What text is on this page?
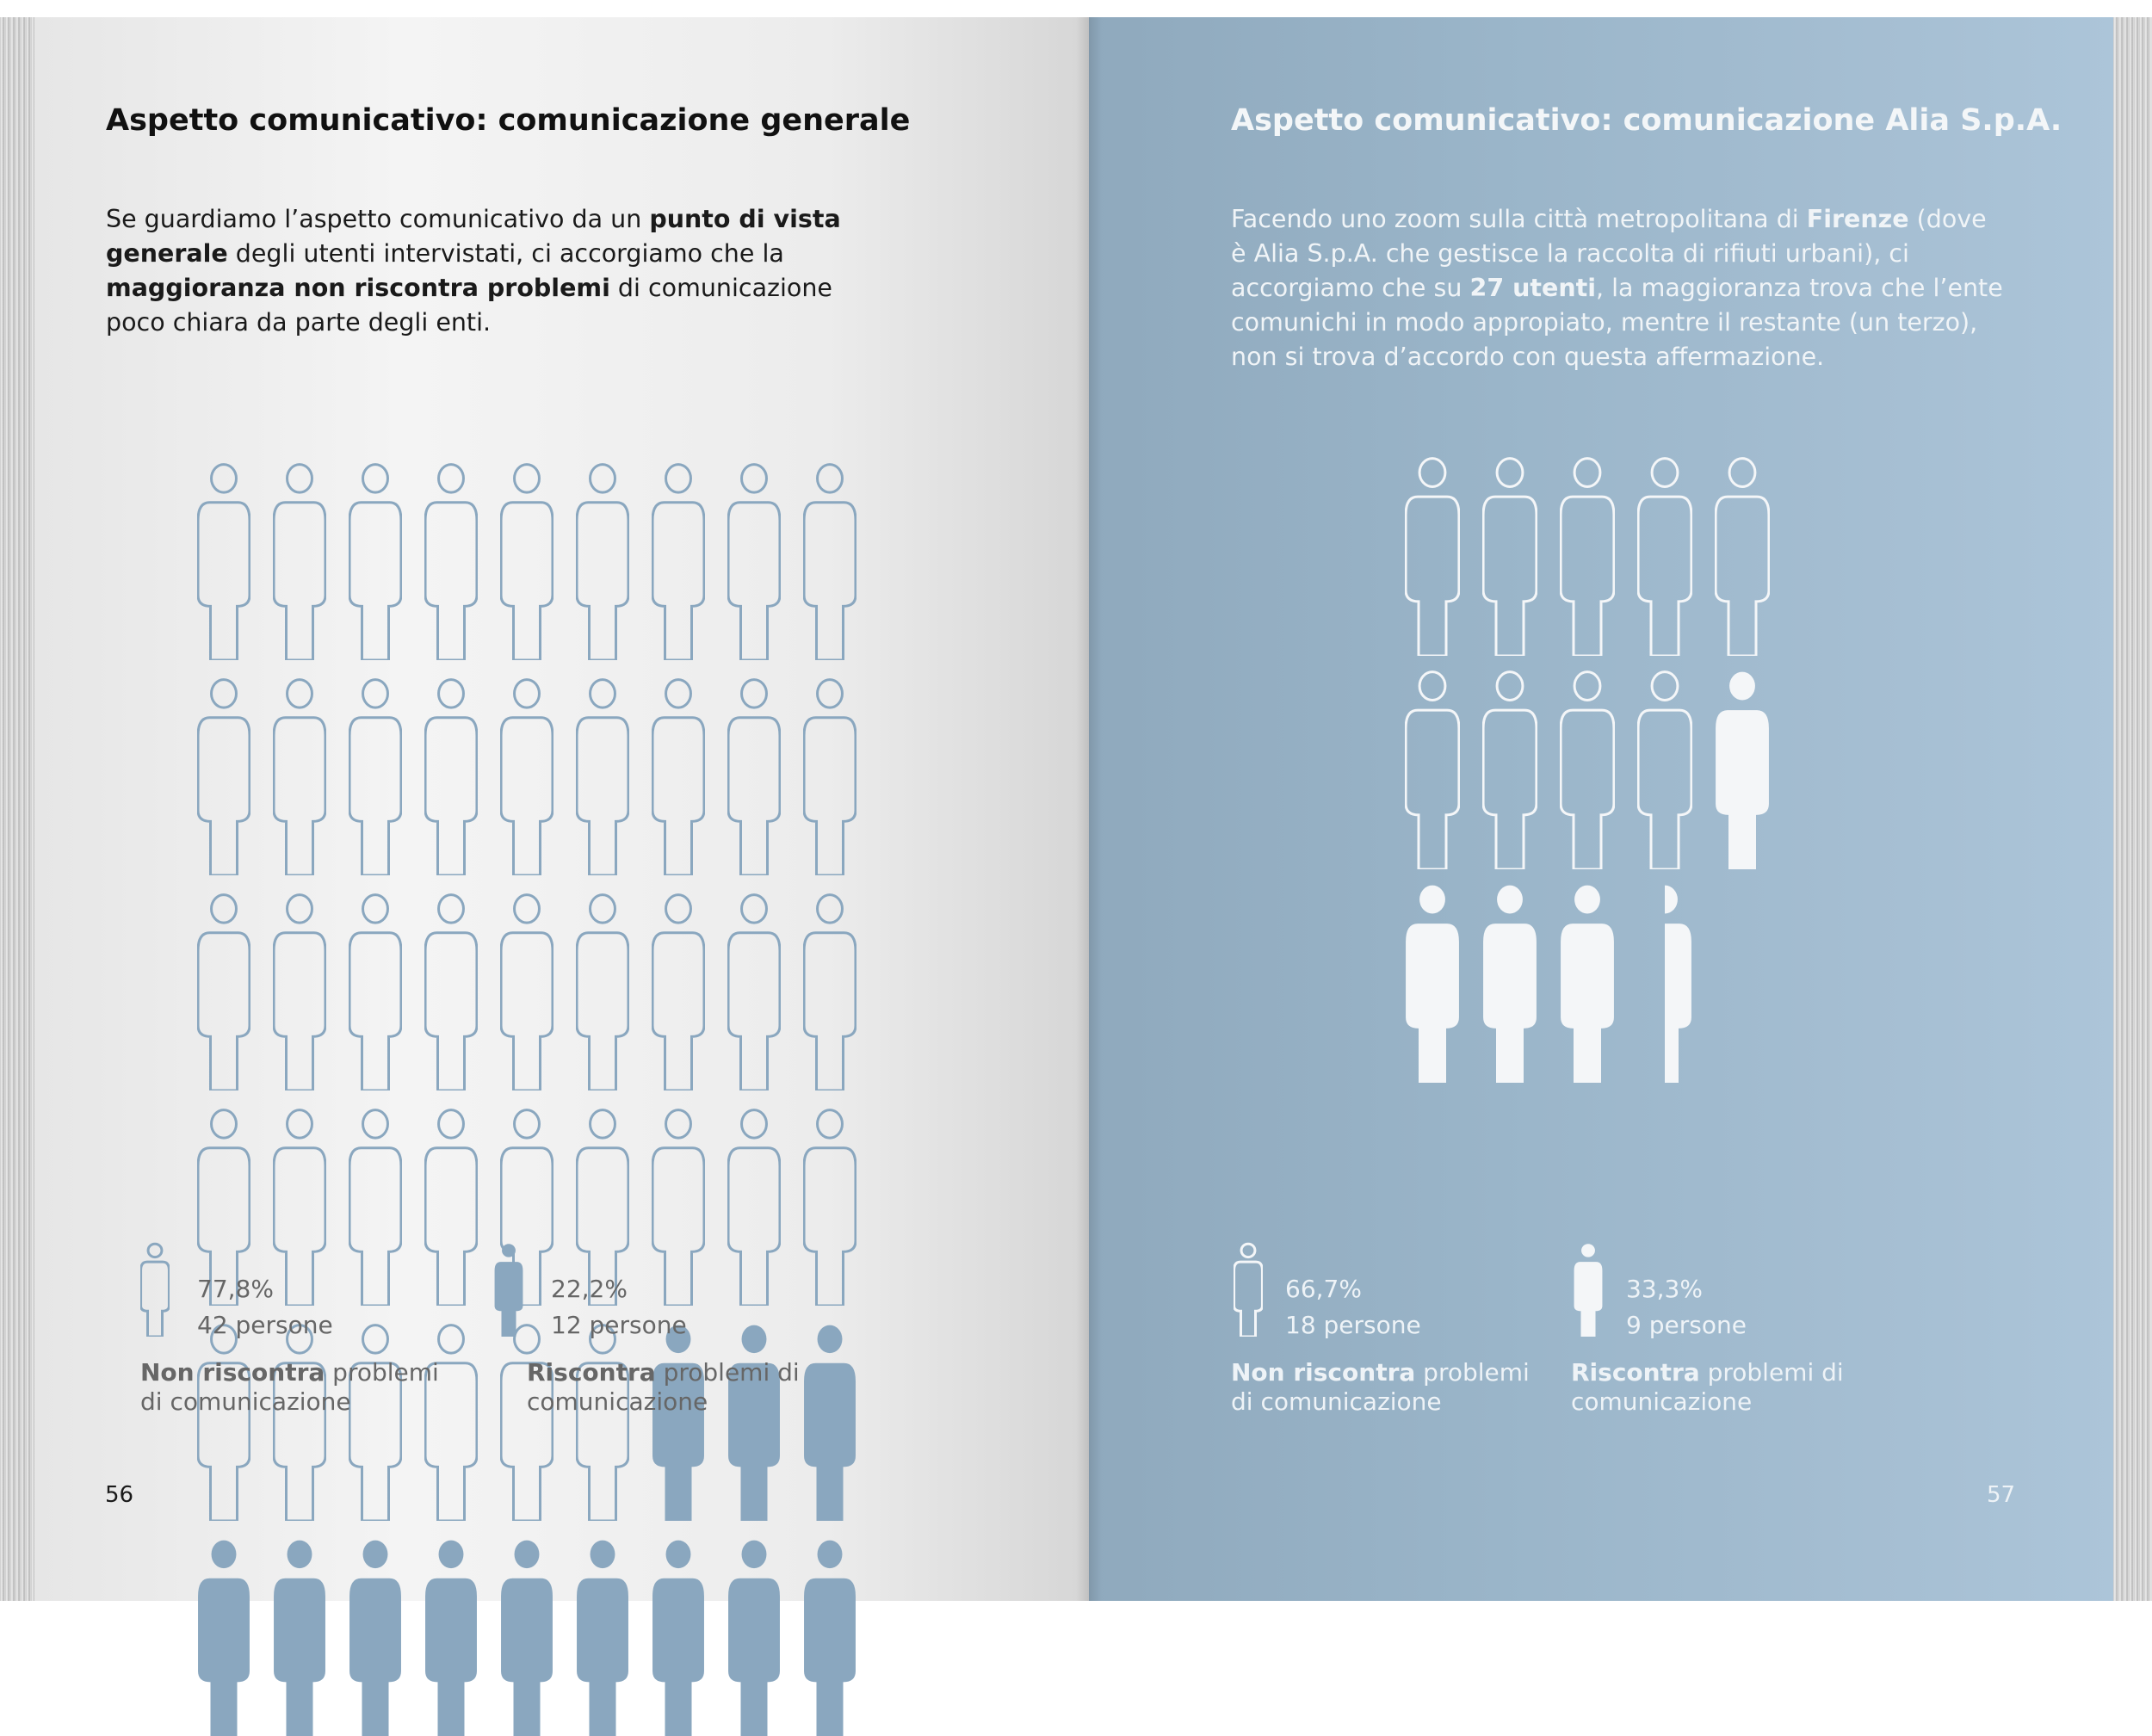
Aspetto comunicativo: comunicazione generale

Se guardiamo l’aspetto comunicativo da un punto di vista generale degli utenti intervistati, ci accorgiamo che la maggioranza non riscontra problemi di comunicazione poco chiara da parte degli enti.

77,8%
42 persone
Non riscontra problemi di comunicazione
22,2%
12 persone
Riscontra problemi di comunicazione
56
Aspetto comunicativo: comunicazione Alia S.p.A.

Facendo uno zoom sulla città metropolitana di Firenze (dove è Alia S.p.A. che gestisce la raccolta di rifiuti urbani), ci accorgiamo che su 27 utenti, la maggioranza trova che l’ente comunichi in modo appropiato, mentre il restante (un terzo), non si trova d’accordo con questa affermazione.

66,7%
18 persone
Non riscontra problemi di comunicazione
33,3%
9 persone
Riscontra problemi di comunicazione
57
